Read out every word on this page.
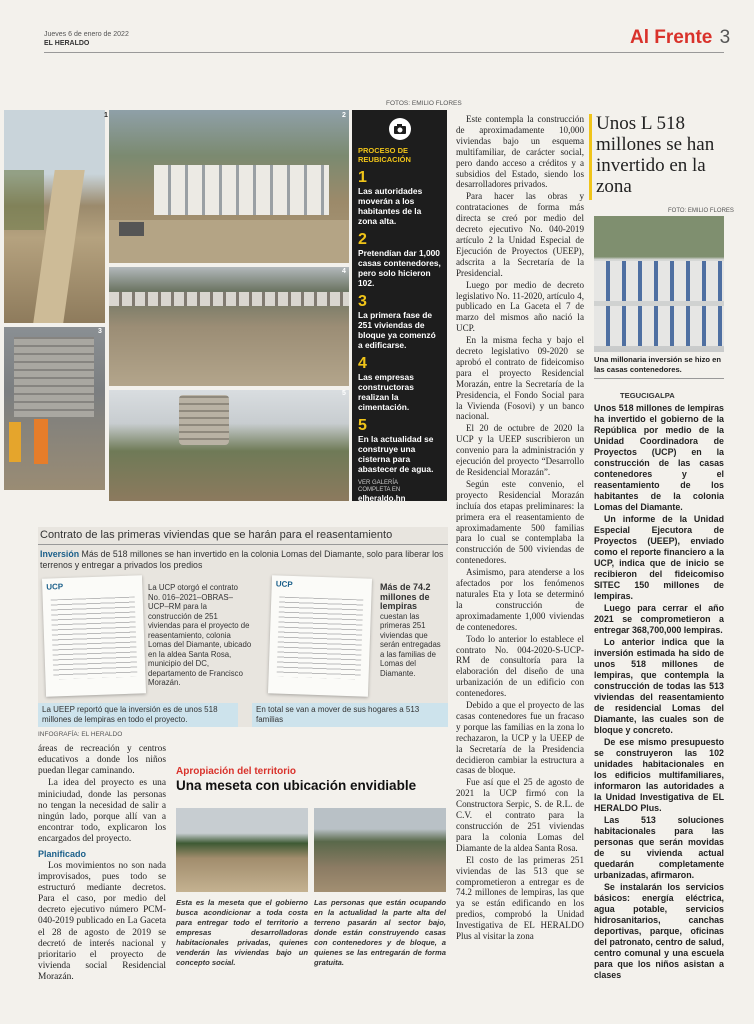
Jueves 6 de enero de 2022
EL HERALDO	Al Frente 3
FOTOS: EMILIO FLORES
1	2
3
4
5
PROCESO DE REUBICACIÓN
1
Las autoridades moverán a los habitantes de la zona alta.
2
Pretendían dar 1,000 casas contenedores, pero solo hicieron 102.
3
La primera fase de 251 viviendas de bloque ya comenzó a edificarse.
4
Las empresas constructoras realizan la cimentación.
5
En la actualidad se construye una cisterna para abastecer de agua.
VER GALERÍA COMPLETA EN
elheraldo.hn
Contrato de las primeras viviendas que se harán para el reasentamiento
Inversión Más de 518 millones se han invertido en la colonia Lomas del Diamante, solo para liberar los terrenos y entregar a privados los predios
UCP	La UCP otorgó el contrato No. 016–2021–OBRAS–UCP–RM para la construcción de 251 viviendas para el proyecto de reasentamiento, colonia Lomas del Diamante, ubicado en la aldea Santa Rosa, municipio del DC, departamento de Francisco Morazán.
UCP	Más de 74.2 millones de lempiras cuestan las primeras 251 viviendas que serán entregadas a las familias de Lomas del Diamante.
La UEEP reportó que la inversión es de unos 518 millones de lempiras en todo el proyecto.
En total se van a mover de sus hogares a 513 familias
INFOGRAFÍA: EL HERALDO

áreas de recreación y centros educativos a donde los niños puedan llegar caminando.

La idea del proyecto es una miniciudad, donde las personas no tengan la necesidad de salir a ningún lado, porque allí van a encontrar todo, explicaron los encargados del proyecto.

Planificado

Los movimientos no son nada improvisados, pues todo se estructuró mediante decretos. Para el caso, por medio del decreto ejecutivo número PCM-040-2019 publicado en La Gaceta el 28 de agosto de 2019 se decretó de interés nacional y prioritario el proyecto de vivienda social Residencial Morazán.

Apropiación del territorio
Una meseta con ubicación envidiable
Esta es la meseta que el gobierno busca acondicionar a toda costa para entregar todo el territorio a empresas desarrolladoras habitacionales privadas, quienes venderán las viviendas bajo un concepto social.
Las personas que están ocupando en la actualidad la parte alta del terreno pasarán al sector bajo, donde están construyendo casas con contenedores y de bloque, a quienes se las entregarán de forma gratuita.

Este contempla la construcción de aproximadamente 10,000 viviendas bajo un esquema multifamiliar, de carácter social, pero dando acceso a créditos y a subsidios del Estado, siendo los desarrolladores privados.

Para hacer las obras y contrataciones de forma más directa se creó por medio del decreto ejecutivo No. 040-2019 artículo 2 la Unidad Especial de Ejecución de Proyectos (UEEP), adscrita a la Secretaría de la Presidencial.

Luego por medio de decreto legislativo No. 11-2020, artículo 4, publicado en La Gaceta el 7 de marzo del mismos año nació la UCP.

En la misma fecha y bajo el decreto legislativo 09-2020 se aprobó el contrato de fideicomiso para el proyecto Residencial Morazán, entre la Secretaría de la Presidencia, el Fondo Social para la Vivienda (Fosovi) y un banco nacional.

El 20 de octubre de 2020 la UCP y la UEEP suscribieron un convenio para la administración y ejecución del proyecto “Desarrollo de Residencial Morazán”.

Según este convenio, el proyecto Residencial Morazán incluía dos etapas preliminares: la primera era el reasentamiento de aproximadamente 500 familias para lo cual se contemplaba la construcción de 500 viviendas de contenedores.

Asimismo, para atenderse a los afectados por los fenómenos naturales Eta y Iota se determinó la construcción de aproximadamente 1,000 viviendas de contenedores.

Todo lo anterior lo establece el contrato No. 004-2020-S-UCP-RM de consultoría para la elaboración del diseño de una urbanización de un edificio con contenedores.

Debido a que el proyecto de las casas contenedores fue un fracaso y porque las familias en la zona lo rechazaron, la UCP y la UEEP de la Secretaría de la Presidencia decidieron cambiar la estructura a casas de bloque.

Fue así que el 25 de agosto de 2021 la UCP firmó con la Constructora Serpic, S. de R.L. de C.V. el contrato para la construcción de 251 viviendas para la colonia Lomas del Diamante de la aldea Santa Rosa.

El costo de las primeras 251 viviendas de las 513 que se comprometieron a entregar es de 74.2 millones de lempiras, las que ya se están edificando en los predios, comprobó la Unidad Investigativa de EL HERALDO Plus al visitar la zona

Unos L 518 millones se han invertido en la zona
FOTO: EMILIO FLORES
Una millonaria inversión se hizo en las casas contenedores.
TEGUCIGALPA

Unos 518 millones de lempiras ha invertido el gobierno de la República por medio de la Unidad Coordinadora de Proyectos (UCP) en la construcción de las casas contenedores y el reasentamiento de los habitantes de la colonia Lomas del Diamante.

Un informe de la Unidad Especial Ejecutora de Proyectos (UEEP), enviado como el reporte financiero a la UCP, indica que de inicio se recibieron del fideicomiso SITEC 150 millones de lempiras.

Luego para cerrar el año 2021 se comprometieron a entregar 368,700,000 lempiras.

Lo anterior indica que la inversión estimada ha sido de unos 518 millones de lempiras, que contempla la construcción de todas las 513 viviendas del reasentamiento de residencial Lomas del Diamante, las cuales son de bloque y concreto.

De ese mismo presupuesto se construyeron las 102 unidades habitacionales en los edificios multifamiliares, informaron las autoridades a la Unidad Investigativa de EL HERALDO Plus.

Las 513 soluciones habitacionales para las personas que serán movidas de su vivienda actual quedarán completamente urbanizadas, afirmaron.

Se instalarán los servicios básicos: energía eléctrica, agua potable, servicios hidrosanitarios, canchas deportivas, parque, oficinas del patronato, centro de salud, centro comunal y una escuela para que los niños asistan a clases
